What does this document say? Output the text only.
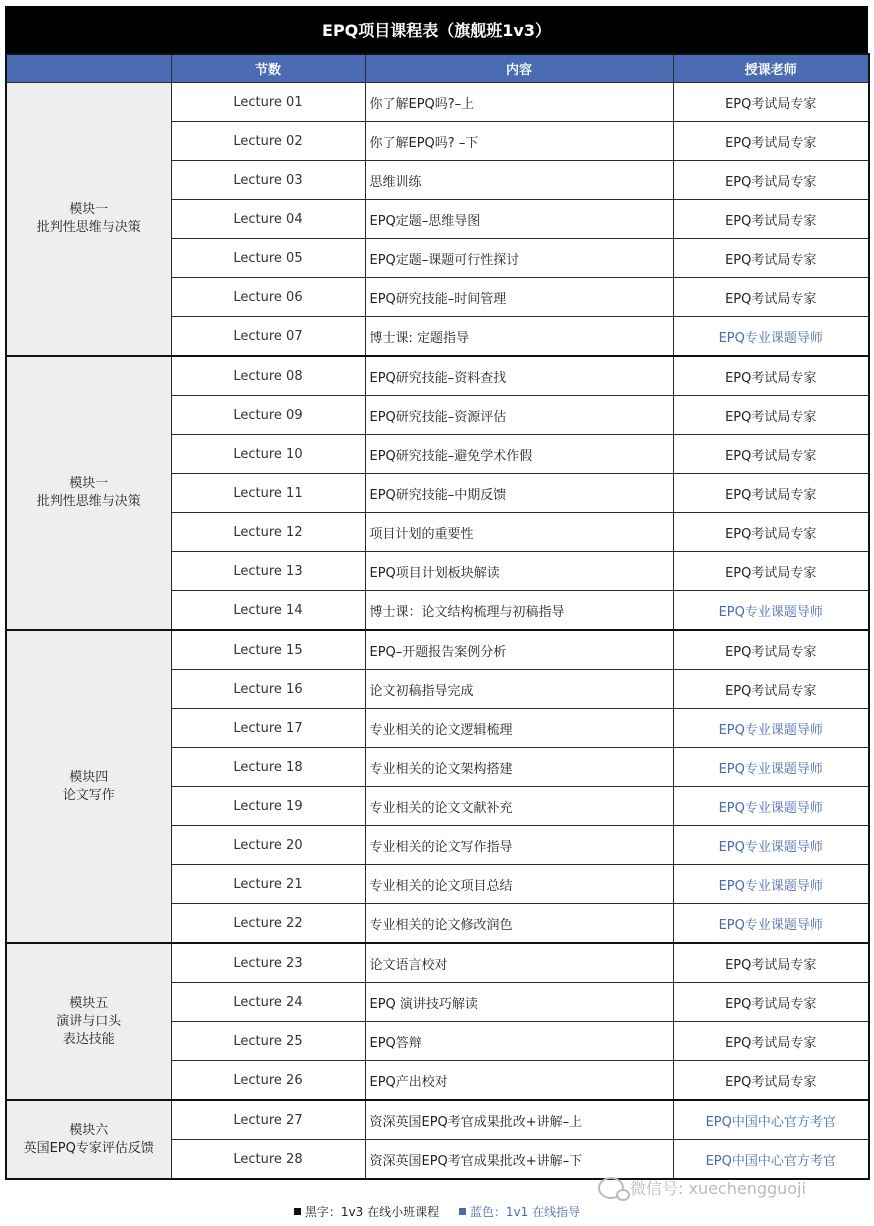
EPQ项目课程表（旗舰班1v3）
	节数	内容	授课老师

模块一
批判性思维与决策	Lecture 01	你了解EPQ吗?–上	EPQ考试局专家
	Lecture 02	你了解EPQ吗? –下	EPQ考试局专家
	Lecture 03	思维训练	EPQ考试局专家
	Lecture 04	EPQ定题–思维导图	EPQ考试局专家
	Lecture 05	EPQ定题–课题可行性探讨	EPQ考试局专家
	Lecture 06	EPQ研究技能–时间管理	EPQ考试局专家
	Lecture 07	博士课: 定题指导	EPQ专业课题导师

模块一
批判性思维与决策	Lecture 08	EPQ研究技能–资料查找	EPQ考试局专家
	Lecture 09	EPQ研究技能–资源评估	EPQ考试局专家
	Lecture 10	EPQ研究技能–避免学术作假	EPQ考试局专家
	Lecture 11	EPQ研究技能–中期反馈	EPQ考试局专家
	Lecture 12	项目计划的重要性	EPQ考试局专家
	Lecture 13	EPQ项目计划板块解读	EPQ考试局专家
	Lecture 14	博士课：论文结构梳理与初稿指导	EPQ专业课题导师

模块四
论文写作	Lecture 15	EPQ–开题报告案例分析	EPQ考试局专家
	Lecture 16	论文初稿指导完成	EPQ考试局专家
	Lecture 17	专业相关的论文逻辑梳理	EPQ专业课题导师
	Lecture 18	专业相关的论文架构搭建	EPQ专业课题导师
	Lecture 19	专业相关的论文文献补充	EPQ专业课题导师
	Lecture 20	专业相关的论文写作指导	EPQ专业课题导师
	Lecture 21	专业相关的论文项目总结	EPQ专业课题导师
	Lecture 22	专业相关的论文修改润色	EPQ专业课题导师

模块五
演讲与口头
表达技能	Lecture 23	论文语言校对	EPQ考试局专家
	Lecture 24	EPQ 演讲技巧解读	EPQ考试局专家
	Lecture 25	EPQ答辩	EPQ考试局专家
	Lecture 26	EPQ产出校对	EPQ考试局专家

模块六
英国EPQ专家评估反馈	Lecture 27	资深英国EPQ考官成果批改+讲解–上	EPQ中国中心官方考官
	Lecture 28	资深英国EPQ考官成果批改+讲解–下	EPQ中国中心官方考官
黑字：1v3 在线小班课程	蓝色：1v1 在线指导
微信号: xuechengguoji
